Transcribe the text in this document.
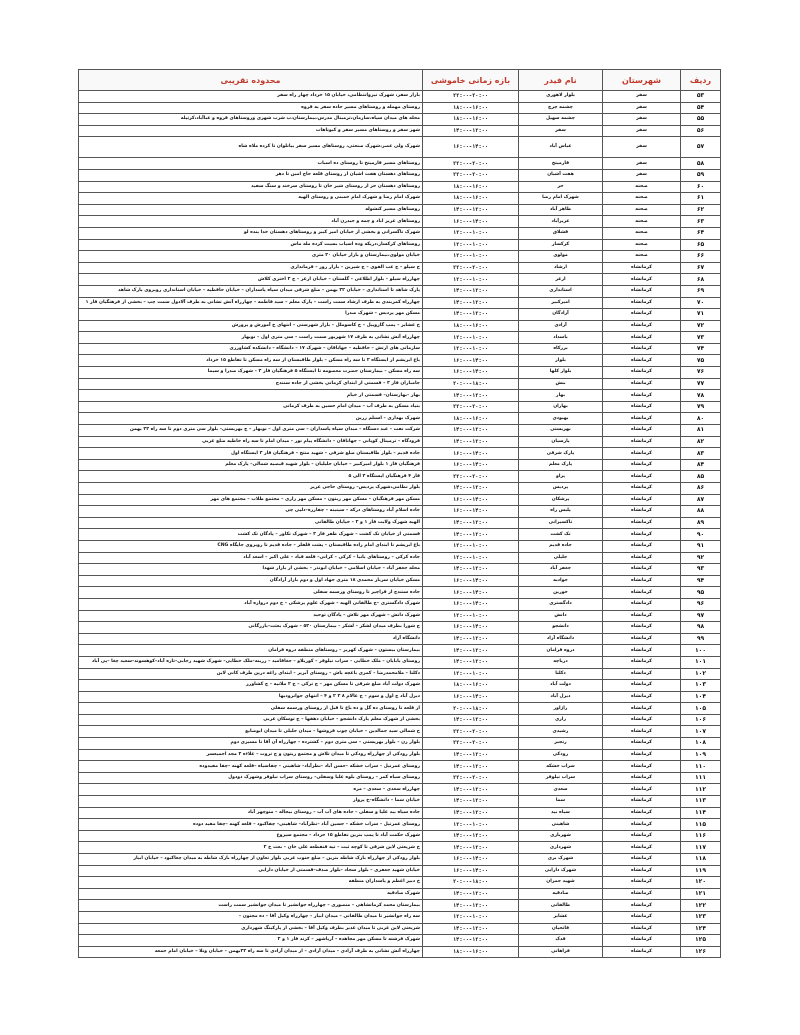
ردیف	شهرستان	نام فیدر	بازه زمانی خاموشی	محدوده تقریبی
۵۳	سقز	بلوار لاهوری	۲۲:۰۰-۲۰:۰۰	بازار سقز، شهرک نیروانتظامی، خیابان ۱۵ خرداد چهار راه سقز
۵۴	سقز	چشمه چرچ	۱۸:۰۰-۱۶:۰۰	روستای مهمله و روستاهای مسیر جاده سقز به قروه
۵۵	سقز	چشمه سهیل	۱۸:۰۰-۱۶:۰۰	محله های میدان سپاه،سازمان،ترمینال مدرس،بیمارستان،ب شرب شهری وروستاهای قروه و عباآباد،کرتپله
۵۶	سقز	سقز	۱۴:۰۰-۱۲:۰۰	شهر سقز و روستاهای مسیر سقز و کیوتاهات
۵۷	سقز	عباس آباد	۱۶:۰۰-۱۴:۰۰	شهرک ولی عصر،شهرک صنعتی، روستاهای مسیر سقز بیانلوان تا کرده ملاه شاه
۵۸	سقز	قارمیتخ	۲۲:۰۰-۲۰:۰۰	روستاهای مسیر قارمیتخ تا روستای ده اسباب
۵۹	سقز	هفت آشیان	۲۲:۰۰-۲۰:۰۰	روستاهای دهستان هفت اشیان از روستای قلعه حاج امین تا دهر
۶۰	صحنه	حر	۱۸:۰۰-۱۶:۰۰	روستاهای دهستان حر از روستای شیر خان تا روستای سرخند و سنگ سفید
۶۱	صحنه	شهرک امام رضا	۱۸:۰۰-۱۶:۰۰	شهرک امام رضا و شهرک امام خمینی و روستای الهیه
۶۲	صحنه	طاهر آباد	۱۴:۰۰-۱۲:۰۰	روستاهای مسیر کنشوله
۶۳	صحنه	عزیزآباد	۱۶:۰۰-۱۴:۰۰	روستاهای عزیز اباد و چمه و حیدرن آباد
۶۴	صحنه	قشلاق	۱۲:۰۰-۱۰:۰۰	شهرک ناگسرانی و بخشی از خیابان امیر کبیر و روستاهای دهستان خدا بنده لو
۶۵	صحنه	کرکسار	۱۲:۰۰-۱۰:۰۰	روستاهای کرکسار،دریکه وده اسیاب بسبت کرده مله ماس
۶۶	صحنه	مولوی	۱۲:۰۰-۱۰:۰۰	خیابان مولوی،بیمارستان و بازار خیابان ۲۰ متری
۶۷	کرمانشاه	ارشاد	۲۲:۰۰-۲۰:۰۰	ج سیلو – ج عب القوی – ج شیرین – بازار روز – فرمانداری
۶۸	کرمانشاه	ارغز	۱۲:۰۰-۱۰:۰۰	چهارراه سیلو – بلوار اطلاعی – گلستان – خیابان ارغز – ج ۲ اختری کلاش
۶۹	کرمانشاه	استانداری	۱۴:۰۰-۱۲:۰۰	پارک شاهد تا استانداری – خیابان ۲۲ بهمن – ضلع شرقی میدان سپاه پاسداران – خیابان حافظیه – خیابان استانداری روبروی پارک شاهد
۷۰	کرمانشاه	امیرکبیر	۱۴:۰۰-۱۲:۰۰	چهارراه کمربندی به طرف ارشاد سمت راست – پارک معلم – سید فاطمه – چهارراه آتش نشانی به طرف آلادول سمت چپ – بخشی از فرهنگیان فاز ۱
۷۱	کرمانشاه	آزادگان	۱۴:۰۰-۱۲:۰۰	مسکن مهر پردیس – شهرک صدرا
۷۲	کرمانشاه	آزادی	۱۸:۰۰-۱۶:۰۰	خ عشایر – پمپ گازوییل – خ کاسوملل – بازار شهرسنی – انتهای خ آموزش و پرورش
۷۳	کرمانشاه	باسداد	۱۲:۰۰-۱۰:۰۰	چهارراه آتش نشانی به طرف ۱۷ شهریور سمت راست – سی متری اول – نوبهار
۷۴	کرمانشاه	برزکاه	۱۲:۰۰-۱۰:۰۰	سازمانی های ارتش – حافظیه – جهاناقان – شهرک ۱۷ – دانشگاه – دانشکده کشاورزی
۷۵	کرمانشاه	بلوار	۱۶:۰۰-۱۴:۰۰	باغ ابریشم از ایستگاه ۲ تا سه راه مسکن – بلوار طاقبستان از سه راه مسکن تا تقاطع ۱۵ خرداد
۷۶	کرمانشاه	بلوار کلها	۱۶:۰۰-۱۴:۰۰	سه راه مسکن – بیمارستان حضرت معصومه تا ایستگاه ۵ فرهنگیان فاز ۳ – شهرک صدرا و سیما
۷۷	کرمانشاه	بنش	۲۰:۰۰-۱۸:۰۰	جامباران فاز ۳ – قسمتی از ابتدای کرمانی بخشی از جاده سنندج
۷۸	کرمانشاه	بهار	۱۴:۰۰-۱۲:۰۰	بهار –بهارستان– قسمتی از خیام
۷۹	کرمانشاه	بهاران	۲۲:۰۰-۲۰:۰۰	بنیاد مسکن به طرف آب – میدان امام حسین به طرف کرمانی
۸۰	کرمانشاه	بهبودی	۱۸:۰۰-۱۶:۰۰	شهرک بهداری – اسنلم زرین
۸۱	کرمانشاه	بهزیستی	۱۴:۰۰-۱۲:۰۰	شرکت نفت – عبد دستگاه – میدان سپاه پاسداران – سی متری اول – نوبهار – ج بهزیستی– بلوار سی متری دوم تا سه راه ۲۲ بهمن
۸۲	کرمانشاه	پارسیان	۱۴:۰۰-۱۲:۰۰	فرودگاه – ترمینال کوپانی – جهاناقان – دانشگاه پیام نور – میدان امام تا سه راه خاطیه ضلع غربی
۸۳	کرمانشاه	پارک شرقی	۱۶:۰۰-۱۴:۰۰	جاده قدیم – بلوار طاقبستان ضلع شرقی – شهید منتج – فرهنگیان فاز ۳ ایستگاه اول
۸۴	کرمانشاه	پارک معلم	۱۶:۰۰-۱۴:۰۰	فرهنگیان فاز ۱ بلوار امیرکبیر – خیابان جلیلیان – بلوار شهید قیصیه شمالی– پارک معلم
۸۵	کرمانشاه	پراو	۲۲:۰۰-۲۰:۰۰	فاز ۴ فرهنگیان ایستگاه ۳ الی ۵
۸۶	کرمانشاه	پردیس	۱۴:۰۰-۱۲:۰۰	بلوار نظامی،شهرک پردیس– روستای حاجی عزیز
۸۷	کرمانشاه	پزشکان	۱۶:۰۰-۱۴:۰۰	مسکن مهر فرهنگیان – مسکن مهر زیتون – مسکن مهر زاری – مجتمع طلاب – مجتمع های مهر
۸۸	کرمانشاه	پلیس راه	۱۶:۰۰-۱۴:۰۰	جاده اسلام آباد روستاهای درکه – سینینه – چقاززه–دلپی چی
۸۹	کرمانشاه	تاکسیرانی	۱۴:۰۰-۱۲:۰۰	الهیه شهرک ولایت فاز ۱ و ۲ – خیابان طالقانی
۹۰	کرمانشاه	تک کشت	۱۴:۰۰-۱۲:۰۰	قسمتی از خیابان تک کشت – شهرک ظفر فاز ۳ – شهرک تکاور – پادگان تک کشت
۹۱	کرمانشاه	جاده قدیم	۱۲:۰۰-۱۰:۰۰	باغ ابریشم تا ابتدای امام زاده طاقبستان – پشت فلفلر – جاده قدیم تا روبروی جایگاه CNG
۹۲	کرمانشاه	جلیلی	۱۲:۰۰-۱۰:۰۰	جاده کرکی – روستاهای بانیا – کرکی – کرانی– قلعه قباد – علی اکبر – اسعد آباد
۹۳	کرمانشاه	جعفر آباد	۱۴:۰۰-۱۲:۰۰	محله جعفر آباد – خیابان اسلامی – خیابان ابونذر – بخشی از بازار شهدا
۹۴	کرمانشاه	جوادیه	۱۶:۰۰-۱۴:۰۰	مسکن خیابان سرباز محمدی ۱۸ متری جهاد اول و دوم بازار آزادگان
۹۵	کرمانشاه	خورین	۱۶:۰۰-۱۴:۰۰	جاده سنندج از قراچیر تا روستای ورسمه سفلی
۹۶	کرمانشاه	دادگستری	۱۶:۰۰-۱۴:۰۰	شهرک دادگستری –ج طالقانی الهیه – شهرک علوم پزشکی – ج دوم دروازه آباد
۹۷	کرمانشاه	دانش	۱۲:۰۰-۱۰:۰۰	شهرک دانش – شهرک مهر تلاش – پادگان توحید
۹۸	کرمانشاه	دانشجو	۱۶:۰۰-۱۴:۰۰	ج شورا بطرف میدان لشکر – لشکر – بیمارستان ۵۲۰ – شهرک بعثت–بازرگانی
۹۹	کرمانشاه	دانشگاه آزاد	۱۴:۰۰-۱۲:۰۰	دانشگاه آزاد
۱۰۰	کرمانشاه	دروه فرامان	۱۴:۰۰-۱۲:۰۰	بیمارستان بیستون – شهرک کهریز – روستاهای منطقه دروه فرامان
۱۰۱	کرمانشاه	دریاچه	۱۴:۰۰-۱۲:۰۰	روستای بابایان – ملک خطایی – سراب نیلوفر – کوریلاو – جغاقامید – زرینه–ملک خطایی– شهرک شهید رجایی–تازه آباد–کوهسوند–سعید چغا –پی آباد
۱۰۲	کرمانشاه	دکلتا	۱۲:۰۰-۱۰:۰۰	دکلتا – ملامحمدرضا – کمری باغچه باش – روستای آبریز – ابتدای زاغه درین طرف کانی لاین
۱۰۳	کرمانشاه	دولت آباد	۱۸:۰۰-۱۶:۰۰	شهرک دولت آباد ضلع شرقی تا مسکن مهر – ج ترکی – ج ۲ ملانیه – ج کشاورز
۱۰۴	کرمانشاه	دیزل آباد	۱۶:۰۰-۱۴:۰۰	دیزل آباد ج اول و سوم – ج عالام ۸ ۳ ۲ و ۴ – انتهای جوانرودیها
۱۰۵	کرمانشاه	راژاور	۲۰:۰۰-۱۸:۰۰	از قلعه تا روستای ده گل و ده باغ تا قبل از روستای ورسمه سفلی
۱۰۶	کرمانشاه	رازی	۱۴:۰۰-۱۲:۰۰	بخشی از شهرک معلم پارک دانشجو – خیابان دهقها – ج توسکان غربی
۱۰۷	کرمانشاه	رشیدی	۲۲:۰۰-۲۰:۰۰	خ شمالی سید جمالدین – خیابان چوپ فروشها – میدان جلیلی تا میدان ابوضایع
۱۰۸	کرمانشاه	رنجبر	۲۲:۰۰-۲۰:۰۰	بلوار زن – بلوار بهزیستی – سی متری دوم – کشتزده – چهارراه آن آقا تا مسیری دوم
۱۰۹	کرمانشاه	رودکی	۱۴:۰۰-۱۲:۰۰	بلوار رودکی از چهارراه رودکی تا میدان تلاش و مجتمع زیتون و ج تروت – علاءه ۲ مجد اجمیعسر
۱۱۰	کرمانشاه	سراب خشکه	۱۴:۰۰-۱۲:۰۰	روستای عمرنیل – سراب خشکه –حسن آباد –نظرآباد– شاهینی – چقاسیاه –قلعه کهنه –چقا مفیدوده
۱۱۱	کرمانشاه	سراب نیلوفر	۲۲:۰۰-۲۰:۰۰	روستای سیاه کمر – روستای بلوه علیا وسفلی– روستای سراب نیلوفر وشهرک دودول
۱۱۲	کرمانشاه	سعدی	۱۴:۰۰-۱۲:۰۰	چهارراه سعدی – سعدی – مزه
۱۱۳	کرمانشاه	سما	۱۴:۰۰-۱۲:۰۰	خیابان سما – دانشگاه–خ پرواز
۱۱۴	کرمانشاه	سیاه بید	۱۴:۰۰-۱۲:۰۰	جاده سیاه بید علیا و سفلی – جاده های آب آب – روستای بیجاله – منوچهر آباد
۱۱۵	کرمانشاه	شاهینی	۱۲:۰۰-۱۰:۰۰	روستای عمرنیل – سراب خشکه – حسین آباد –نظرآباد– شاهینی– چقاکبود – قلعه کهنه –چقا مفید دوده
۱۱۶	کرمانشاه	شهربازی	۱۴:۰۰-۱۲:۰۰	شهرک حکمت آباد تا پمپ بنزین تقاطع ۱۵ خرداد – مجتمع سیروع
۱۱۷	کرمانشاه	شهرداری	۱۴:۰۰-۱۲:۰۰	خ شریعتی لاین شرقی تا کوچه ثبت – تپه قنقطعه علی خان – بعث خ ۲
۱۱۸	کرمانشاه	شهرک بری	۱۶:۰۰-۱۴:۰۰	بلوار رودکی از چهارراه بازک شاطه بنزین – ضلع جنوب غربی بلوار تعاون از چهارراه بازک شاطه به میدان چغاکبود – خیابان ابیاز
۱۱۹	کرمانشاه	شهرک دارایی	۱۶:۰۰-۱۴:۰۰	خیابان شهید جعفری – بلوار سجاد –بلوار صدف–قسمتی از خیابان دارایی
۱۲۰	کرمانشاه	شهید جمران	۲۰:۰۰-۱۸:۰۰	خ دبیر اعظم و پاسداران منطقه
۱۲۱	کرمانشاه	صادقیه	۱۴:۰۰-۱۲:۰۰	شهرک صادقیه
۱۲۲	کرمانشاه	طالقانی	۱۴:۰۰-۱۲:۰۰	بیمارستان محمد کرمانشاهی – منصوری – چهارراه جوانشیر تا میدان جوانشیر سمت راست
۱۲۳	کرمانشاه	عشایر	۱۲:۰۰-۱۰:۰۰	سه راه جوانشیر تا میدان طالقانی – میدان ابیاز – چهارراه وکیل آقا – ده مجنون –
۱۲۴	کرمانشاه	فاتحیان	۱۴:۰۰-۱۲:۰۰	شریعتی لاین غربی تا میدان غدیر بطرف وکیل آقا – بخشی از پارکینگ شهرداری
۱۲۵	کرمانشاه	فدک	۱۴:۰۰-۱۲:۰۰	شهرک فرشته تا مسکن مهر مجاهده – آریاشهر – کرند فاز ۱ و ۲
۱۲۶	کرمانشاه	فراهانی	۱۸:۰۰-۱۶:۰۰	چهارراه آتش نشانی به طرف آزادی – میدان آزادی – از میدان آزادی تا سه راه ۲۲بهمن – خیابان ونلا – خیابان امام جمعه
